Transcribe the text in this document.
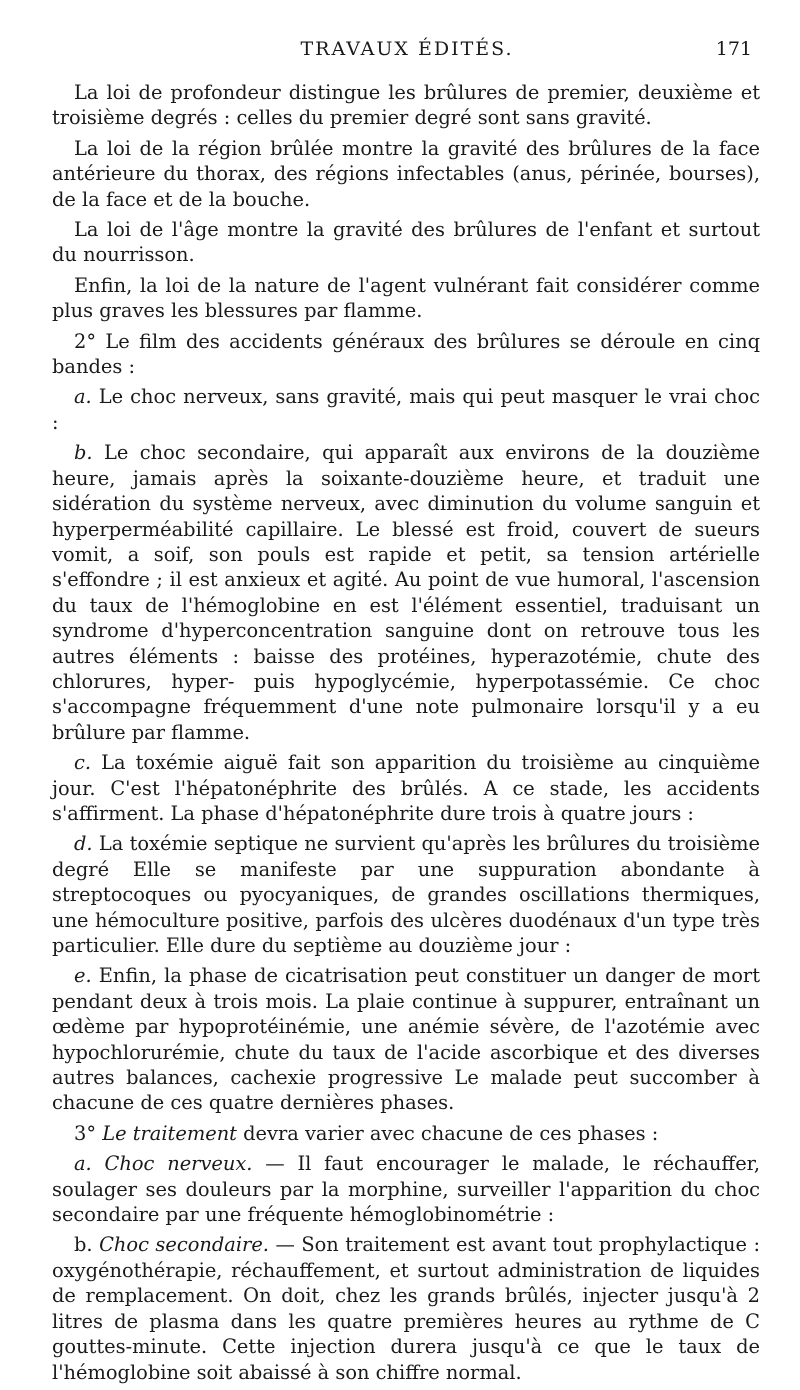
TRAVAUX ÉDITÉS.	171

La loi de profondeur distingue les brûlures de premier, deuxième et troisième degrés : celles du premier degré sont sans gravité.

La loi de la région brûlée montre la gravité des brûlures de la face antérieure du thorax, des régions infectables (anus, périnée, bourses), de la face et de la bouche.

La loi de l'âge montre la gravité des brûlures de l'enfant et surtout du nourrisson.

Enfin, la loi de la nature de l'agent vulnérant fait considérer comme plus graves les blessures par flamme.

2° Le film des accidents généraux des brûlures se déroule en cinq bandes :

a. Le choc nerveux, sans gravité, mais qui peut masquer le vrai choc :

b. Le choc secondaire, qui apparaît aux environs de la douzième heure, jamais après la soixante-douzième heure, et traduit une sidération du système nerveux, avec diminution du volume sanguin et hyperperméabilité capillaire. Le blessé est froid, couvert de sueurs vomit, a soif, son pouls est rapide et petit, sa tension artérielle s'effondre ; il est anxieux et agité. Au point de vue humoral, l'ascension du taux de l'hémoglobine en est l'élément essentiel, traduisant un syndrome d'hyperconcentration sanguine dont on retrouve tous les autres éléments : baisse des protéines, hyperazotémie, chute des chlorures, hyper- puis hypoglycémie, hyperpotassémie. Ce choc s'accompagne fréquemment d'une note pulmonaire lorsqu'il y a eu brûlure par flamme.

c. La toxémie aiguë fait son apparition du troisième au cinquième jour. C'est l'hépatonéphrite des brûlés. A ce stade, les accidents s'affirment. La phase d'hépatonéphrite dure trois à quatre jours :

d. La toxémie septique ne survient qu'après les brûlures du troisième degré Elle se manifeste par une suppuration abondante à streptocoques ou pyocyaniques, de grandes oscillations thermiques, une hémoculture positive, parfois des ulcères duodénaux d'un type très particulier. Elle dure du septième au douzième jour :

e. Enfin, la phase de cicatrisation peut constituer un danger de mort pendant deux à trois mois. La plaie continue à suppurer, entraînant un œdème par hypoprotéinémie, une anémie sévère, de l'azotémie avec hypochlorurémie, chute du taux de l'acide ascorbique et des diverses autres balances, cachexie progressive Le malade peut succomber à chacune de ces quatre dernières phases.

3° Le traitement devra varier avec chacune de ces phases :

a. Choc nerveux. — Il faut encourager le malade, le réchauffer, soulager ses douleurs par la morphine, surveiller l'apparition du choc secondaire par une fréquente hémoglobinométrie :

b. Choc secondaire. — Son traitement est avant tout prophylactique : oxygénothérapie, réchauffement, et surtout administration de liquides de remplacement. On doit, chez les grands brûlés, injecter jusqu'à 2 litres de plasma dans les quatre premières heures au rythme de C gouttes-minute. Cette injection durera jusqu'à ce que le taux de l'hémoglobine soit abaissé à son chiffre normal.
